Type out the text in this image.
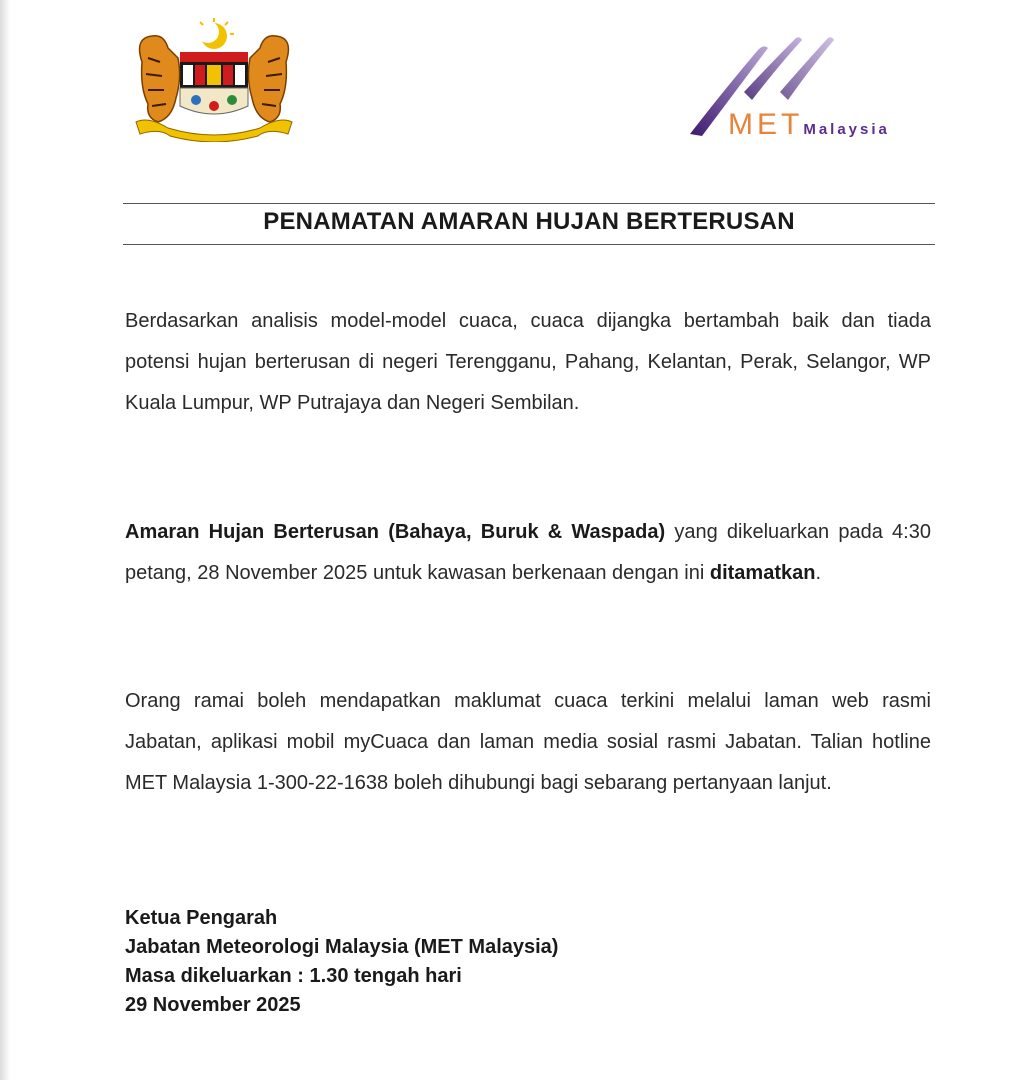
METMalaysia
PENAMATAN AMARAN HUJAN BERTERUSAN
Berdasarkan analisis model-model cuaca, cuaca dijangka bertambah baik dan tiada potensi hujan berterusan di negeri Terengganu, Pahang, Kelantan, Perak, Selangor, WP Kuala Lumpur, WP Putrajaya dan Negeri Sembilan.
Amaran Hujan Berterusan (Bahaya, Buruk & Waspada) yang dikeluarkan pada 4:30 petang, 28 November 2025 untuk kawasan berkenaan dengan ini ditamatkan.
Orang ramai boleh mendapatkan maklumat cuaca terkini melalui laman web rasmi Jabatan, aplikasi mobil myCuaca dan laman media sosial rasmi Jabatan. Talian hotline MET Malaysia 1-300-22-1638 boleh dihubungi bagi sebarang pertanyaan lanjut.
Ketua Pengarah
Jabatan Meteorologi Malaysia (MET Malaysia)
Masa dikeluarkan : 1.30 tengah hari
29 November 2025
